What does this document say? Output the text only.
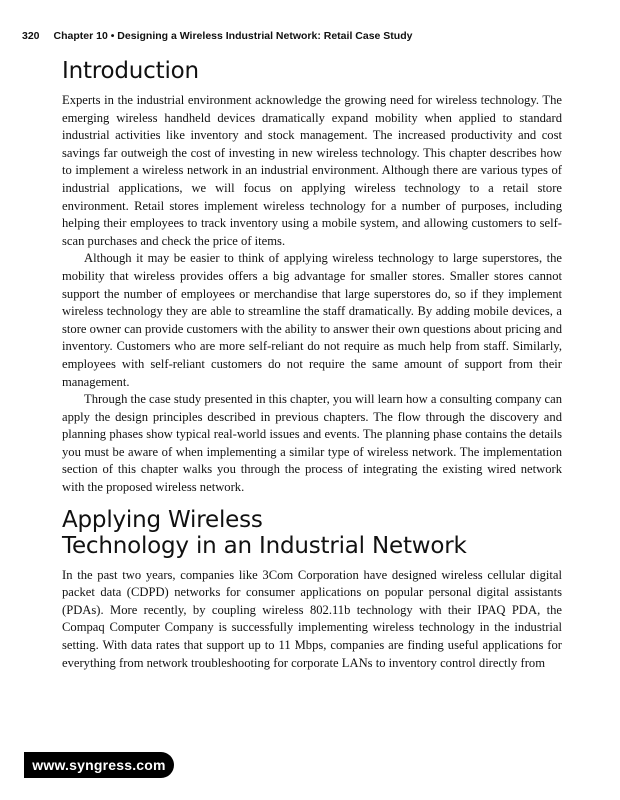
320 Chapter 10 • Designing a Wireless Industrial Network: Retail Case Study
Introduction

Experts in the industrial environment acknowledge the growing need for wireless technology. The emerging wireless handheld devices dramatically expand mobility when applied to standard industrial activities like inventory and stock management. The increased productivity and cost savings far outweigh the cost of investing in new wireless technology. This chapter describes how to implement a wireless network in an industrial environment. Although there are various types of industrial applications, we will focus on applying wireless technology to a retail store environment. Retail stores implement wireless technology for a number of purposes, including helping their employees to track inventory using a mobile system, and allowing customers to self-scan purchases and check the price of items.

Although it may be easier to think of applying wireless technology to large superstores, the mobility that wireless provides offers a big advantage for smaller stores. Smaller stores cannot support the number of employees or merchandise that large superstores do, so if they implement wireless technology they are able to streamline the staff dramatically. By adding mobile devices, a store owner can provide customers with the ability to answer their own questions about pricing and inventory. Customers who are more self-reliant do not require as much help from staff. Similarly, employees with self-reliant customers do not require the same amount of support from their management.

Through the case study presented in this chapter, you will learn how a consulting company can apply the design principles described in previous chapters. The flow through the discovery and planning phases show typical real-world issues and events. The planning phase contains the details you must be aware of when implementing a similar type of wireless network. The implementation section of this chapter walks you through the process of integrating the existing wired network with the proposed wireless network.

Applying Wireless
Technology in an Industrial Network

In the past two years, companies like 3Com Corporation have designed wireless cellular digital packet data (CDPD) networks for consumer applications on popular personal digital assistants (PDAs). More recently, by coupling wireless 802.11b technology with their IPAQ PDA, the Compaq Computer Company is successfully implementing wireless technology in the industrial setting. With data rates that support up to 11 Mbps, companies are finding useful applications for everything from network troubleshooting for corporate LANs to inventory control directly from

www.syngress.com
